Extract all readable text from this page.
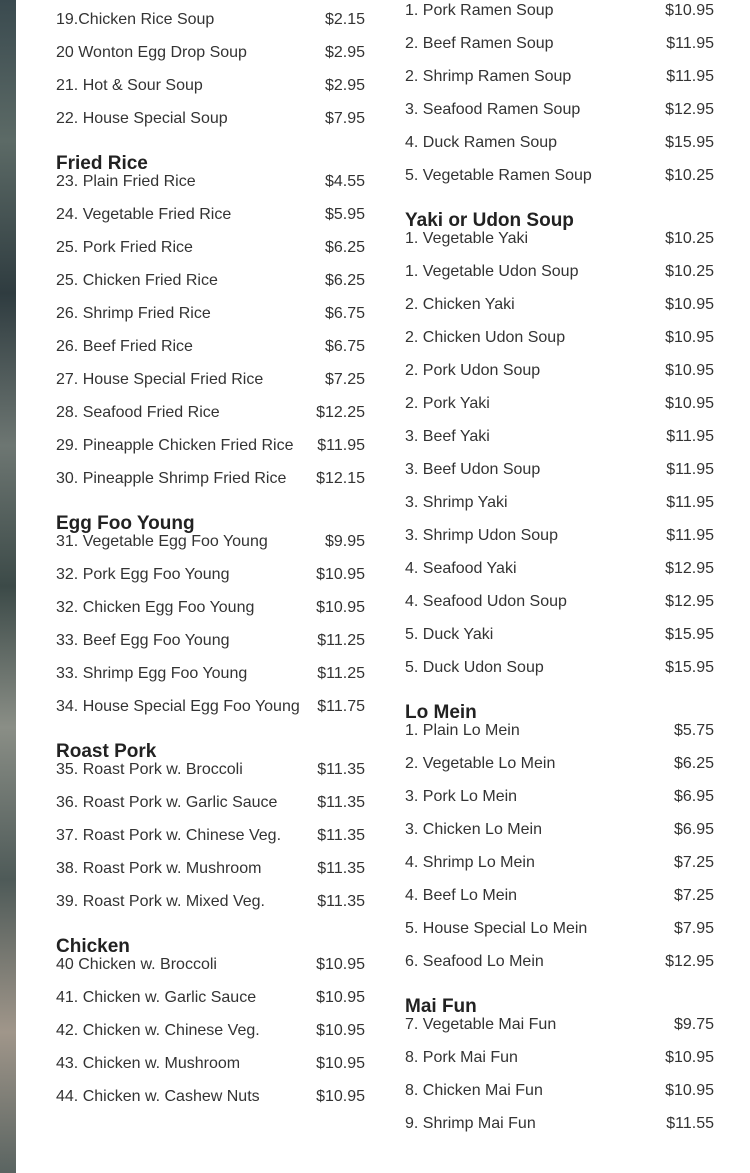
19.Chicken Rice Soup	$2.15
20 Wonton Egg Drop Soup	$2.95
21. Hot & Sour Soup	$2.95
22. House Special Soup	$7.95
Fried Rice
23. Plain Fried Rice	$4.55
24. Vegetable Fried Rice	$5.95
25. Pork Fried Rice	$6.25
25. Chicken Fried Rice	$6.25
26. Shrimp Fried Rice	$6.75
26. Beef Fried Rice	$6.75
27. House Special Fried Rice	$7.25
28. Seafood Fried Rice	$12.25
29. Pineapple Chicken Fried Rice $11.95
30. Pineapple Shrimp Fried Rice $12.15
Egg Foo Young
31. Vegetable Egg Foo Young	$9.95
32. Pork Egg Foo Young	$10.95
32. Chicken Egg Foo Young	$10.95
33. Beef Egg Foo Young	$11.25
33. Shrimp Egg Foo Young	$11.25
34. House Special Egg Foo Young $11.75
Roast Pork
35. Roast Pork w. Broccoli	$11.35
36. Roast Pork w. Garlic Sauce $11.35
37. Roast Pork w. Chinese Veg. $11.35
38. Roast Pork w. Mushroom	$11.35
39. Roast Pork w. Mixed Veg.	$11.35
Chicken
40 Chicken w. Broccoli	$10.95
41. Chicken w. Garlic Sauce	$10.95
42. Chicken w. Chinese Veg.	$10.95
43. Chicken w. Mushroom	$10.95
44. Chicken w. Cashew Nuts	$10.95
1. Pork Ramen Soup	$10.95
2. Beef Ramen Soup	$11.95
2. Shrimp Ramen Soup	$11.95
3. Seafood Ramen Soup	$12.95
4. Duck Ramen Soup	$15.95
5. Vegetable Ramen Soup	$10.25
Yaki or Udon Soup
1. Vegetable Yaki	$10.25
1. Vegetable Udon Soup	$10.25
2. Chicken Yaki	$10.95
2. Chicken Udon Soup	$10.95
2. Pork Udon Soup	$10.95
2. Pork Yaki	$10.95
3. Beef Yaki	$11.95
3. Beef Udon Soup	$11.95
3. Shrimp Yaki	$11.95
3. Shrimp Udon Soup	$11.95
4. Seafood Yaki	$12.95
4. Seafood Udon Soup	$12.95
5. Duck Yaki	$15.95
5. Duck Udon Soup	$15.95
Lo Mein
1. Plain Lo Mein	$5.75
2. Vegetable Lo Mein	$6.25
3. Pork Lo Mein	$6.95
3. Chicken Lo Mein	$6.95
4. Shrimp Lo Mein	$7.25
4. Beef Lo Mein	$7.25
5. House Special Lo Mein	$7.95
6. Seafood Lo Mein	$12.95
Mai Fun
7. Vegetable Mai Fun	$9.75
8. Pork Mai Fun	$10.95
8. Chicken Mai Fun	$10.95
9. Shrimp Mai Fun	$11.55
